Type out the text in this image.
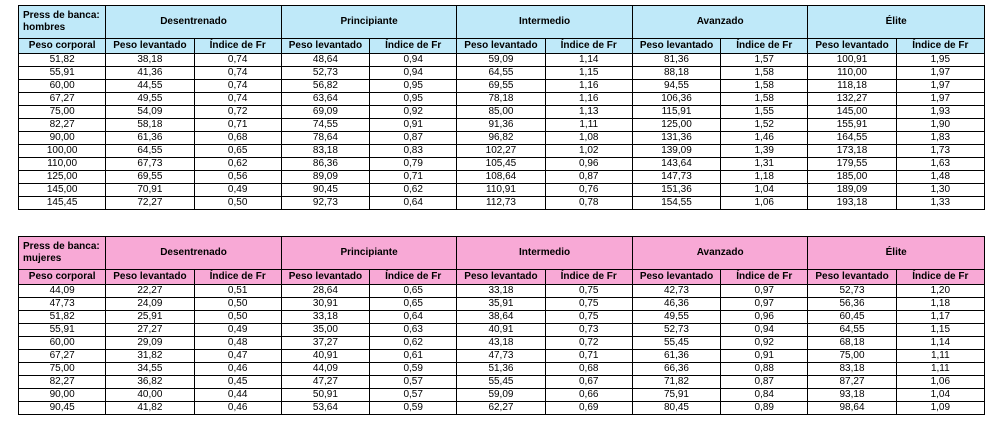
Press de banca:
hombres	Desentrenado		Principiante		Intermedio		Avanzado		Élite	
Peso corporal	Peso levantado	Índice de Fr	Peso levantado	Índice de Fr	Peso levantado	Índice de Fr	Peso levantado	Índice de Fr	Peso levantado	Índice de Fr
51,82	38,18	0,74	48,64	0,94	59,09	1,14	81,36	1,57	100,91	1,95
55,91	41,36	0,74	52,73	0,94	64,55	1,15	88,18	1,58	110,00	1,97
60,00	44,55	0,74	56,82	0,95	69,55	1,16	94,55	1,58	118,18	1,97
67,27	49,55	0,74	63,64	0,95	78,18	1,16	106,36	1,58	132,27	1,97
75,00	54,09	0,72	69,09	0,92	85,00	1,13	115,91	1,55	145,00	1,93
82,27	58,18	0,71	74,55	0,91	91,36	1,11	125,00	1,52	155,91	1,90
90,00	61,36	0,68	78,64	0,87	96,82	1,08	131,36	1,46	164,55	1,83
100,00	64,55	0,65	83,18	0,83	102,27	1,02	139,09	1,39	173,18	1,73
110,00	67,73	0,62	86,36	0,79	105,45	0,96	143,64	1,31	179,55	1,63
125,00	69,55	0,56	89,09	0,71	108,64	0,87	147,73	1,18	185,00	1,48
145,00	70,91	0,49	90,45	0,62	110,91	0,76	151,36	1,04	189,09	1,30
145,45	72,27	0,50	92,73	0,64	112,73	0,78	154,55	1,06	193,18	1,33
Press de banca:
mujeres	Desentrenado		Principiante		Intermedio		Avanzado		Élite	
Peso corporal	Peso levantado	Índice de Fr	Peso levantado	Índice de Fr	Peso levantado	Índice de Fr	Peso levantado	Índice de Fr	Peso levantado	Índice de Fr
44,09	22,27	0,51	28,64	0,65	33,18	0,75	42,73	0,97	52,73	1,20
47,73	24,09	0,50	30,91	0,65	35,91	0,75	46,36	0,97	56,36	1,18
51,82	25,91	0,50	33,18	0,64	38,64	0,75	49,55	0,96	60,45	1,17
55,91	27,27	0,49	35,00	0,63	40,91	0,73	52,73	0,94	64,55	1,15
60,00	29,09	0,48	37,27	0,62	43,18	0,72	55,45	0,92	68,18	1,14
67,27	31,82	0,47	40,91	0,61	47,73	0,71	61,36	0,91	75,00	1,11
75,00	34,55	0,46	44,09	0,59	51,36	0,68	66,36	0,88	83,18	1,11
82,27	36,82	0,45	47,27	0,57	55,45	0,67	71,82	0,87	87,27	1,06
90,00	40,00	0,44	50,91	0,57	59,09	0,66	75,91	0,84	93,18	1,04
90,45	41,82	0,46	53,64	0,59	62,27	0,69	80,45	0,89	98,64	1,09
